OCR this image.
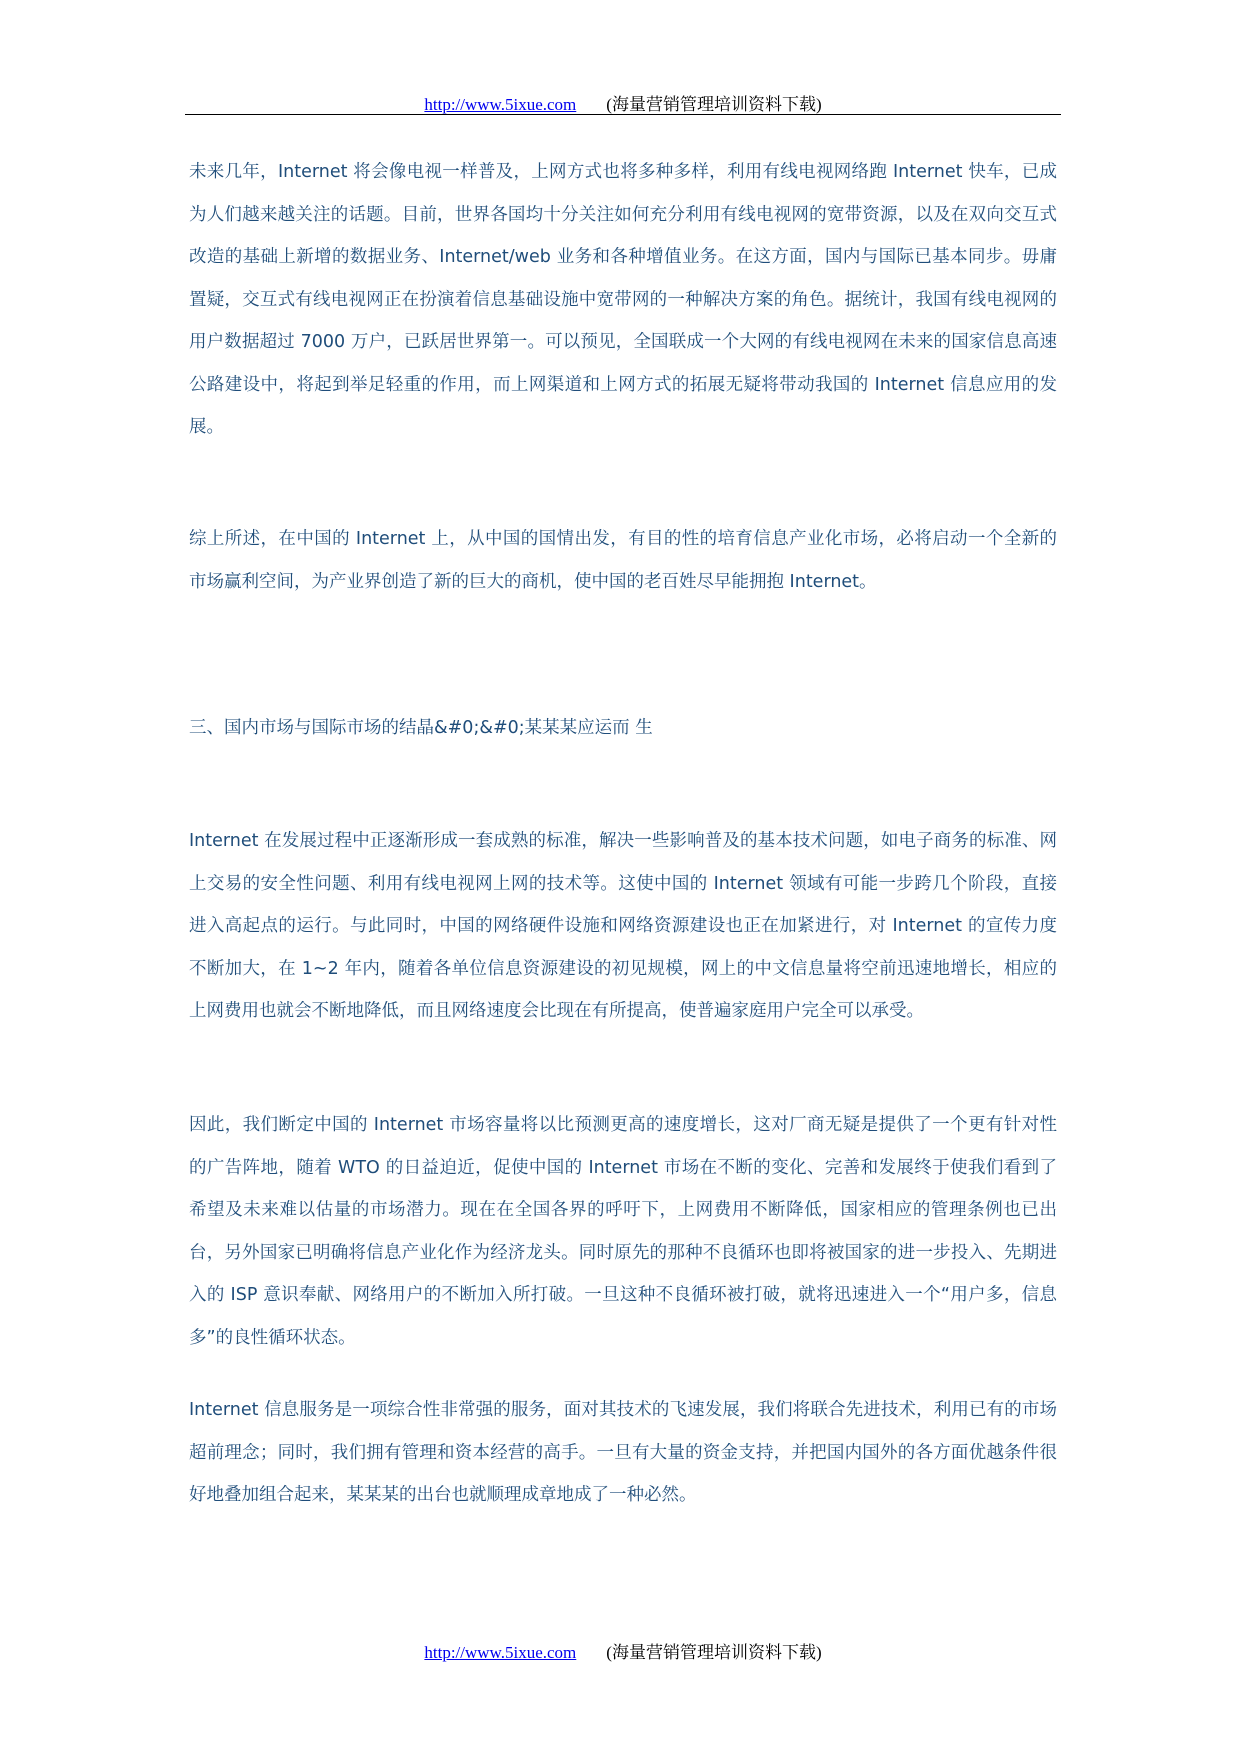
http://www.5ixue.com (海量营销管理培训资料下载)

未来几年，Internet 将会像电视一样普及，上网方式也将多种多样，利用有线电视网络跑 Internet 快车，已成为人们越来越关注的话题。目前，世界各国均十分关注如何充分利用有线电视网的宽带资源，以及在双向交互式改造的基础上新增的数据业务、Internet/web 业务和各种增值业务。在这方面，国内与国际已基本同步。毋庸置疑，交互式有线电视网正在扮演着信息基础设施中宽带网的一种解决方案的角色。据统计，我国有线电视网的用户数据超过 7000 万户，已跃居世界第一。可以预见，全国联成一个大网的有线电视网在未来的国家信息高速公路建设中，将起到举足轻重的作用，而上网渠道和上网方式的拓展无疑将带动我国的 Internet 信息应用的发展。

综上所述，在中国的 Internet 上，从中国的国情出发，有目的性的培育信息产业化市场，必将启动一个全新的市场赢利空间，为产业界创造了新的巨大的商机，使中国的老百姓尽早能拥抱 Internet。

三、国内市场与国际市场的结晶&#0;&#0;某某某应运而 生

Internet 在发展过程中正逐渐形成一套成熟的标准，解决一些影响普及的基本技术问题，如电子商务的标准、网上交易的安全性问题、利用有线电视网上网的技术等。这使中国的 Internet 领域有可能一步跨几个阶段，直接进入高起点的运行。与此同时，中国的网络硬件设施和网络资源建设也正在加紧进行，对 Internet 的宣传力度不断加大，在 1~2 年内，随着各单位信息资源建设的初见规模，网上的中文信息量将空前迅速地增长，相应的上网费用也就会不断地降低，而且网络速度会比现在有所提高，使普遍家庭用户完全可以承受。

因此，我们断定中国的 Internet 市场容量将以比预测更高的速度增长，这对厂商无疑是提供了一个更有针对性的广告阵地，随着 WTO 的日益迫近，促使中国的 Internet 市场在不断的变化、完善和发展终于使我们看到了希望及未来难以估量的市场潜力。现在在全国各界的呼吁下，上网费用不断降低，国家相应的管理条例也已出台，另外国家已明确将信息产业化作为经济龙头。同时原先的那种不良循环也即将被国家的进一步投入、先期进入的 ISP 意识奉献、网络用户的不断加入所打破。一旦这种不良循环被打破，就将迅速进入一个“用户多，信息多”的良性循环状态。

Internet 信息服务是一项综合性非常强的服务，面对其技术的飞速发展，我们将联合先进技术，利用已有的市场超前理念；同时，我们拥有管理和资本经营的高手。一旦有大量的资金支持，并把国内国外的各方面优越条件很好地叠加组合起来，某某某的出台也就顺理成章地成了一种必然。

http://www.5ixue.com (海量营销管理培训资料下载)
